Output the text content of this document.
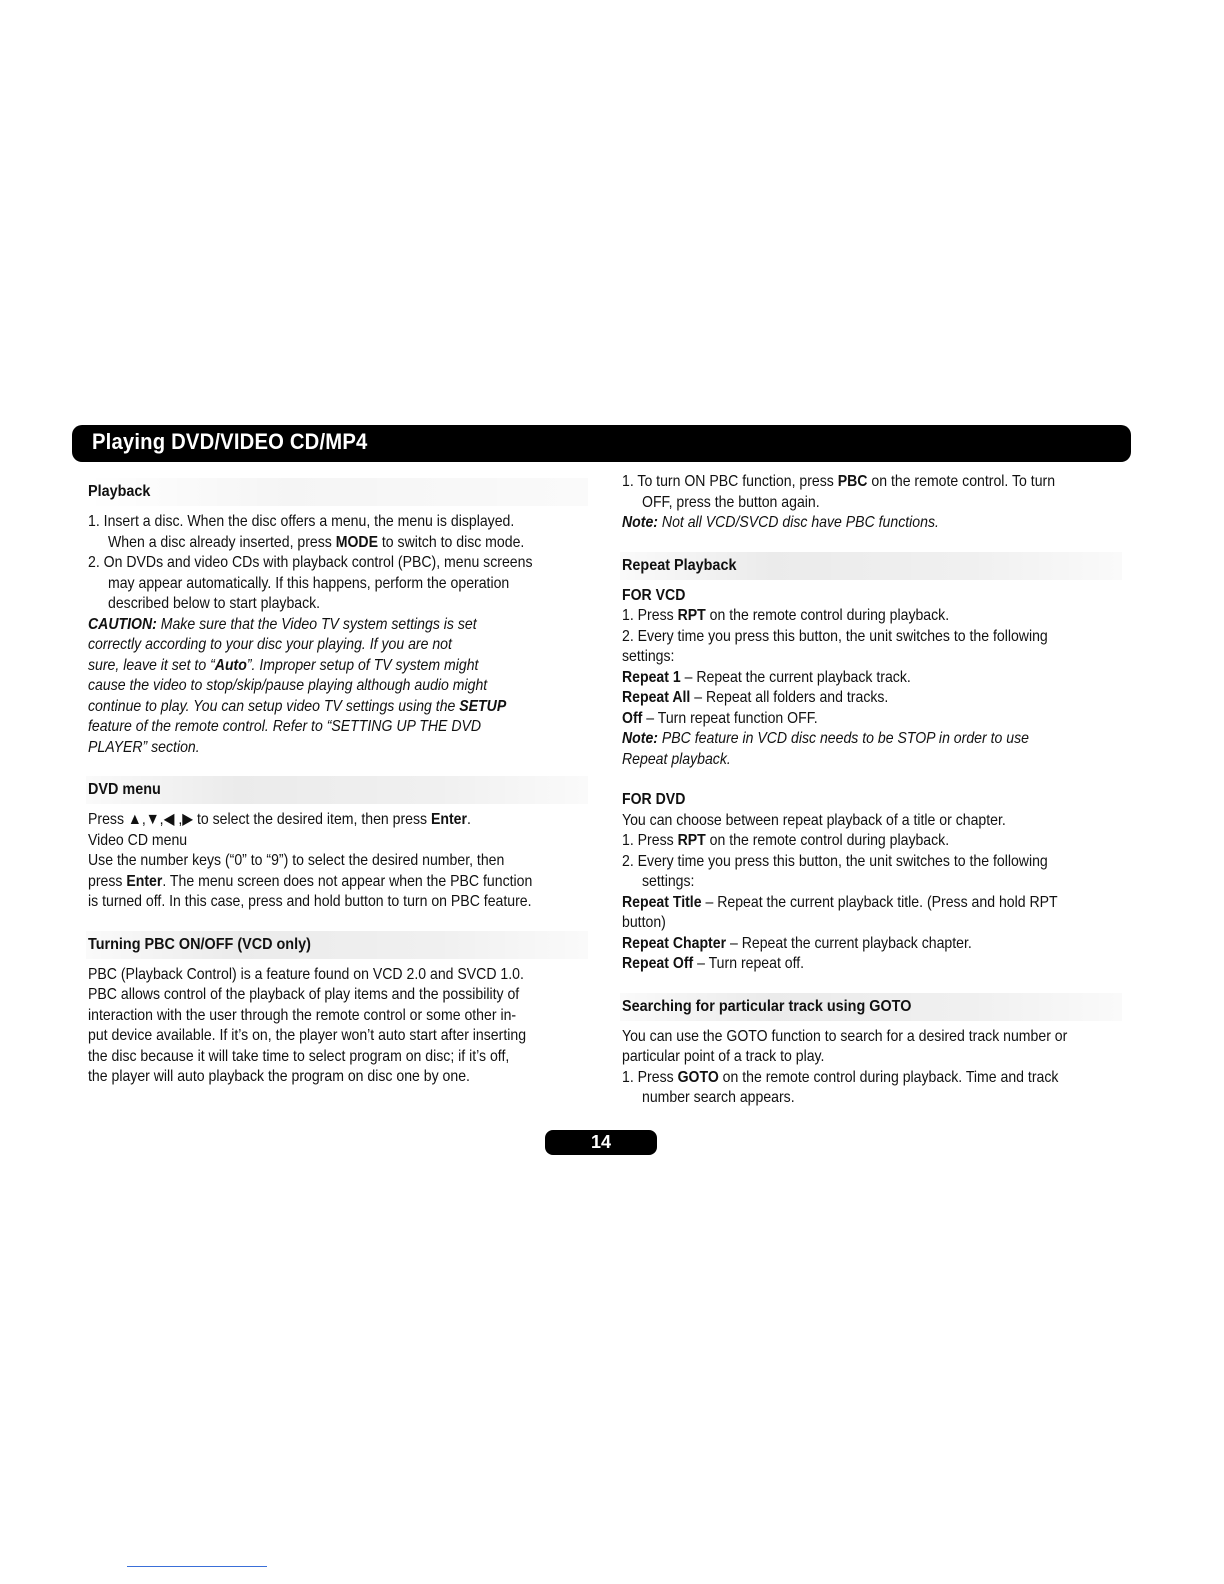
Playing DVD/VIDEO CD/MP4
Playback

1. Insert a disc. When the disc offers a menu, the menu is displayed.

When a disc already inserted, press MODE to switch to disc mode.

2. On DVDs and video CDs with playback control (PBC), menu screens

may appear automatically. If this happens, perform the operation

described below to start playback.

CAUTION: Make sure that the Video TV system settings is set

correctly according to your disc your playing. If you are not

sure, leave it set to “Auto”. Improper setup of TV system might

cause the video to stop/skip/pause playing although audio might

continue to play. You can setup video TV settings using the SETUP

feature of the remote control. Refer to “SETTING UP THE DVD

PLAYER” section.

DVD menu

Press ▲,▼,◀ ,▶ to select the desired item, then press Enter.

Video CD menu

Use the number keys (“0” to “9”) to select the desired number, then

press Enter. The menu screen does not appear when the PBC function

is turned off. In this case, press and hold button to turn on PBC feature.

Turning PBC ON/OFF (VCD only)

PBC (Playback Control) is a feature found on VCD 2.0 and SVCD 1.0.

PBC allows control of the playback of play items and the possibility of

interaction with the user through the remote control or some other in-

put device available. If it’s on, the player won’t auto start after inserting

the disc because it will take time to select program on disc; if it’s off,

the player will auto playback the program on disc one by one.

1. To turn ON PBC function, press PBC on the remote control. To turn

OFF, press the button again.

Note: Not all VCD/SVCD disc have PBC functions.

Repeat Playback

FOR VCD

1. Press RPT on the remote control during playback.

2. Every time you press this button, the unit switches to the following

settings:

Repeat 1 – Repeat the current playback track.

Repeat All – Repeat all folders and tracks.

Off – Turn repeat function OFF.

Note: PBC feature in VCD disc needs to be STOP in order to use

Repeat playback.

FOR DVD

You can choose between repeat playback of a title or chapter.

1. Press RPT on the remote control during playback.

2. Every time you press this button, the unit switches to the following

settings:

Repeat Title – Repeat the current playback title. (Press and hold RPT

button)

Repeat Chapter – Repeat the current playback chapter.

Repeat Off – Turn repeat off.

Searching for particular track using GOTO

You can use the GOTO function to search for a desired track number or

particular point of a track to play.

1. Press GOTO on the remote control during playback. Time and track

number search appears.

14
